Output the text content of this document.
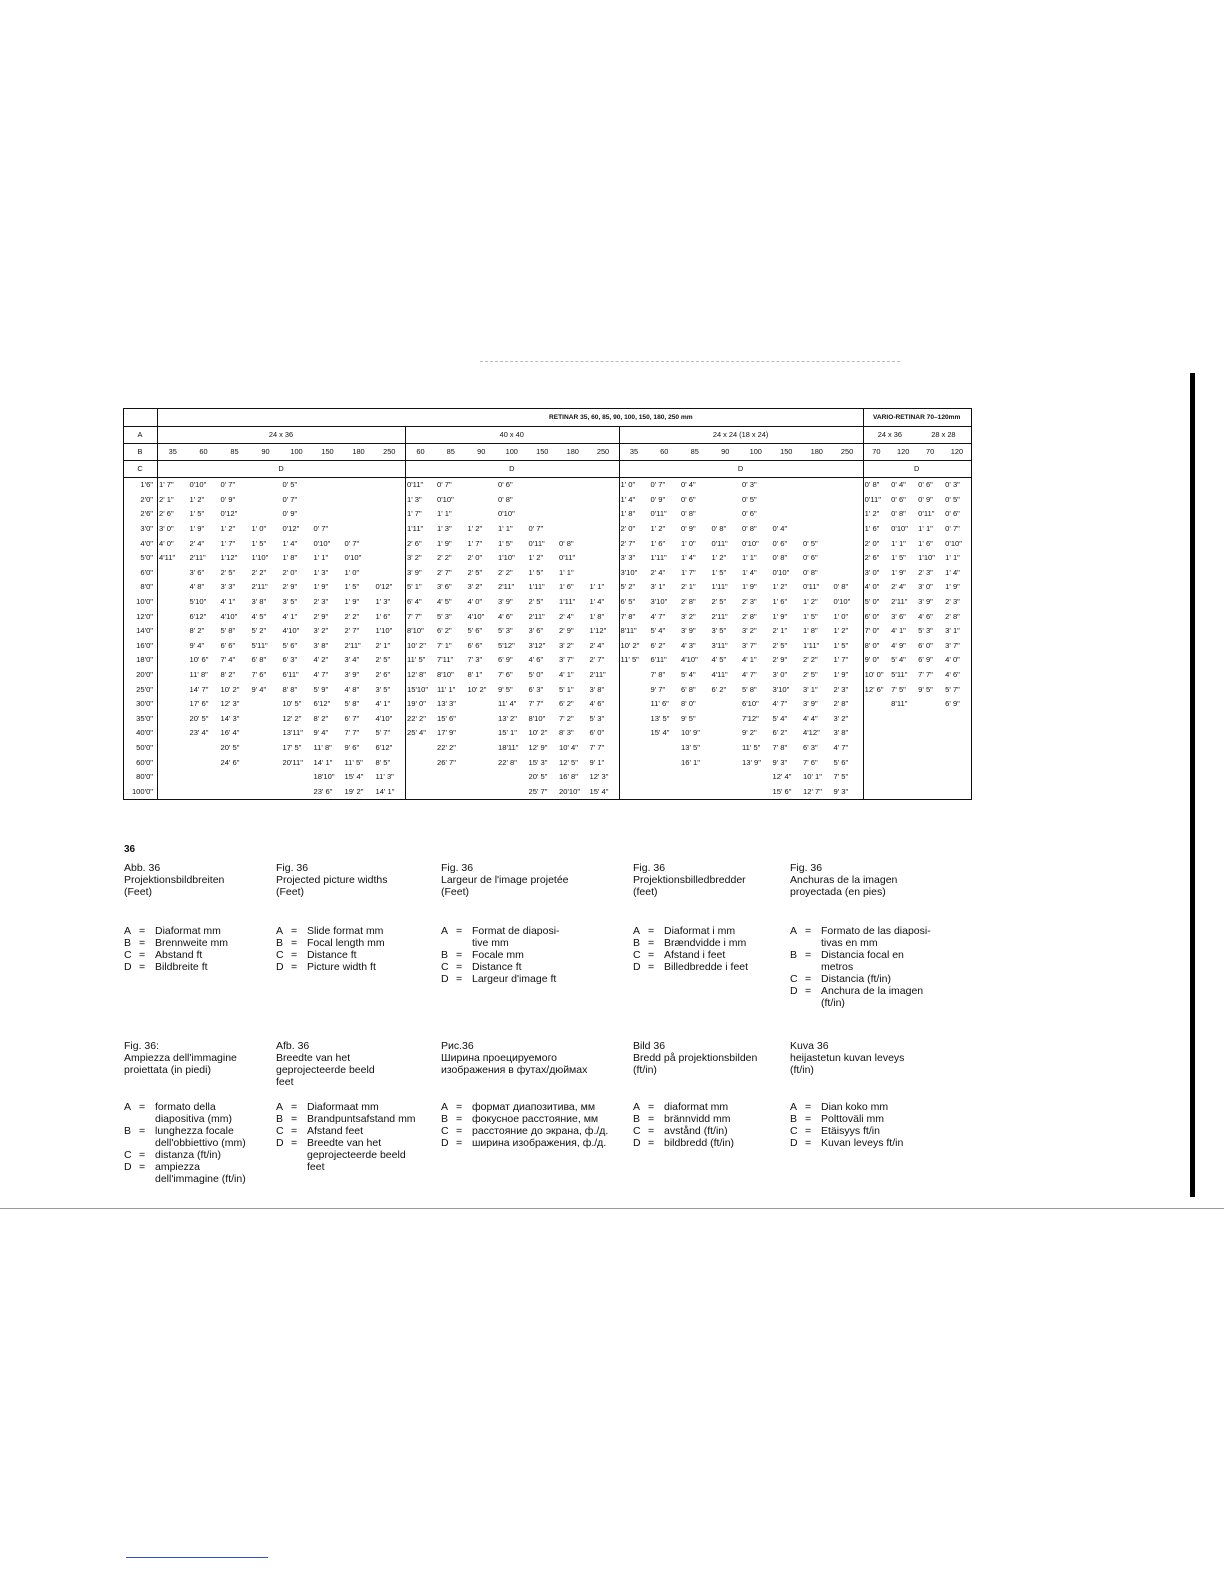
	RETINAR 35, 60, 85, 90, 100, 150, 180, 250 mm																							VARIO-RETINAR 70–120mm			
A	24 x 36								40 x 40							24 x 24 (18 x 24)								24 x 36		28 x 28	
B	35	60	85	90	100	150	180	250	60	85	90	100	150	180	250	35	60	85	90	100	150	180	250	70	120	70	120
C	D								D							D								D			
1'6"	1' 7"	0'10"	0' 7"		0' 5"				0'11"	0' 7"		0' 6"				1' 0"	0' 7"	0' 4"		0' 3"				0' 8"	0' 4"	0' 6"	0' 3"
2'0"	2' 1"	1' 2"	0' 9"		0' 7"				1' 3"	0'10"		0' 8"				1' 4"	0' 9"	0' 6"		0' 5"				0'11"	0' 6"	0' 9"	0' 5"
2'6"	2' 6"	1' 5"	0'12"		0' 9"				1' 7"	1' 1"		0'10"				1' 8"	0'11"	0' 8"		0' 6"				1' 2"	0' 8"	0'11"	0' 6"
3'0"	3' 0"	1' 9"	1' 2"	1' 0"	0'12"	0' 7"			1'11"	1' 3"	1' 2"	1' 1"	0' 7"			2' 0"	1' 2"	0' 9"	0' 8"	0' 8"	0' 4"			1' 6"	0'10"	1' 1"	0' 7"
4'0"	4' 0"	2' 4"	1' 7"	1' 5"	1' 4"	0'10"	0' 7"		2' 6"	1' 9"	1' 7"	1' 5"	0'11"	0' 8"		2' 7"	1' 6"	1' 0"	0'11"	0'10"	0' 6"	0' 5"		2' 0"	1' 1"	1' 6"	0'10"
5'0"	4'11"	2'11"	1'12"	1'10"	1' 8"	1' 1"	0'10"		3' 2"	2' 2"	2' 0"	1'10"	1' 2"	0'11"		3' 3"	1'11"	1' 4"	1' 2"	1' 1"	0' 8"	0' 6"		2' 6"	1' 5"	1'10"	1' 1"
6'0"		3' 6"	2' 5"	2' 2"	2' 0"	1' 3"	1' 0"		3' 9"	2' 7"	2' 5"	2' 2"	1' 5"	1' 1"		3'10"	2' 4"	1' 7"	1' 5"	1' 4"	0'10"	0' 8"		3' 0"	1' 9"	2' 3"	1' 4"
8'0"		4' 8"	3' 3"	2'11"	2' 9"	1' 9"	1' 5"	0'12"	5' 1"	3' 6"	3' 2"	2'11"	1'11"	1' 6"	1' 1"	5' 2"	3' 1"	2' 1"	1'11"	1' 9"	1' 2"	0'11"	0' 8"	4' 0"	2' 4"	3' 0"	1' 9"
10'0"		5'10"	4' 1"	3' 8"	3' 5"	2' 3"	1' 9"	1' 3"	6' 4"	4' 5"	4' 0"	3' 9"	2' 5"	1'11"	1' 4"	6' 5"	3'10"	2' 8"	2' 5"	2' 3"	1' 6"	1' 2"	0'10"	5' 0"	2'11"	3' 9"	2' 3"
12'0"		6'12"	4'10"	4' 5"	4' 1"	2' 9"	2' 2"	1' 6"	7' 7"	5' 3"	4'10"	4' 6"	2'11"	2' 4"	1' 8"	7' 8"	4' 7"	3' 2"	2'11"	2' 8"	1' 9"	1' 5"	1' 0"	6' 0"	3' 6"	4' 6"	2' 8"
14'0"		8' 2"	5' 8"	5' 2"	4'10"	3' 2"	2' 7"	1'10"	8'10"	6' 2"	5' 6"	5' 3"	3' 6"	2' 9"	1'12"	8'11"	5' 4"	3' 9"	3' 5"	3' 2"	2' 1"	1' 8"	1' 2"	7' 0"	4' 1"	5' 3"	3' 1"
16'0"		9' 4"	6' 6"	5'11"	5' 6"	3' 8"	2'11"	2' 1"	10' 2"	7' 1"	6' 6"	5'12"	3'12"	3' 2"	2' 4"	10' 2"	6' 2"	4' 3"	3'11"	3' 7"	2' 5"	1'11"	1' 5"	8' 0"	4' 9"	6' 0"	3' 7"
18'0"		10' 6"	7' 4"	6' 8"	6' 3"	4' 2"	3' 4"	2' 5"	11' 5"	7'11"	7' 3"	6' 9"	4' 6"	3' 7"	2' 7"	11' 5"	6'11"	4'10"	4' 5"	4' 1"	2' 9"	2' 2"	1' 7"	9' 0"	5' 4"	6' 9"	4' 0"
20'0"		11' 8"	8' 2"	7' 6"	6'11"	4' 7"	3' 9"	2' 6"	12' 8"	8'10"	8' 1"	7' 6"	5' 0"	4' 1"	2'11"		7' 8"	5' 4"	4'11"	4' 7"	3' 0"	2' 5"	1' 9"	10' 0"	5'11"	7' 7"	4' 6"
25'0"		14' 7"	10' 2"	9' 4"	8' 8"	5' 9"	4' 8"	3' 5"	15'10"	11' 1"	10' 2"	9' 5"	6' 3"	5' 1"	3' 8"		9' 7"	6' 8"	6' 2"	5' 8"	3'10"	3' 1"	2' 3"	12' 6"	7' 5"	9' 5"	5' 7"
30'0"		17' 6"	12' 3"		10' 5"	6'12"	5' 8"	4' 1"	19' 0"	13' 3"		11' 4"	7' 7"	6' 2"	4' 6"		11' 6"	8' 0"		6'10"	4' 7"	3' 9"	2' 8"		8'11"		6' 9"
35'0"		20' 5"	14' 3"		12' 2"	8' 2"	6' 7"	4'10"	22' 2"	15' 6"		13' 2"	8'10"	7' 2"	5' 3"		13' 5"	9' 5"		7'12"	5' 4"	4' 4"	3' 2"				
40'0"		23' 4"	16' 4"		13'11"	9' 4"	7' 7"	5' 7"	25' 4"	17' 9"		15' 1"	10' 2"	8' 3"	6' 0"		15' 4"	10' 9"		9' 2"	6' 2"	4'12"	3' 8"				
50'0"			20' 5"		17' 5"	11' 8"	9' 6"	6'12"		22' 2"		18'11"	12' 9"	10' 4"	7' 7"			13' 5"		11' 5"	7' 8"	6' 3"	4' 7"				
60'0"			24' 6"		20'11"	14' 1"	11' 5"	8' 5"		26' 7"		22' 8"	15' 3"	12' 5"	9' 1"			16' 1"		13' 9"	9' 3"	7' 6"	5' 6"				
80'0"						18'10"	15' 4"	11' 3"					20' 5"	16' 8"	12' 3"						12' 4"	10' 1"	7' 5"				
100'0"						23' 6"	19' 2"	14' 1"					25' 7"	20'10"	15' 4"						15' 6"	12' 7"	9' 3"				
36
Abb. 36
Projektionsbildbreiten
(Feet)
A = Diaformat mm
B = Brennweite mm
C = Abstand ft
D = Bildbreite ft
Fig. 36
Projected picture widths
(Feet)
A = Slide format mm
B = Focal length mm
C = Distance ft
D = Picture width ft
Fig. 36
Largeur de l'image projetée
(Feet)
A = Format de diaposi-
tive mm
B = Focale mm
C = Distance ft
D = Largeur d'image ft
Fig. 36
Projektionsbilledbredder
(feet)
A = Diaformat i mm
B = Brændvidde i mm
C = Afstand i feet
D = Billedbredde i feet
Fig. 36
Anchuras de la imagen
proyectada (en pies)
A = Formato de las diaposi-
tivas en mm
B = Distancia focal en
metros
C = Distancia (ft/in)
D = Anchura de la imagen
(ft/in)
Fig. 36:
Ampiezza dell'immagine
proiettata (in piedi)
A = formato della
diapositiva (mm)
B = lunghezza focale
dell'obbiettivo (mm)
C = distanza (ft/in)
D = ampiezza
dell'immagine (ft/in)
Afb. 36
Breedte van het
geprojecteerde beeld
feet
A = Diaformaat mm
B = Brandpuntsafstand mm
C = Afstand feet
D = Breedte van het
geprojecteerde beeld
feet
Рис.36
Ширина проецируемого
изображения в футах/дюймах
A = формат диапозитива, мм
B = фокусное расстояние, мм
C = расстояние до экрана, ф./д.
D = ширина изображения, ф./д.
Bild 36
Bredd på projektionsbilden
(ft/in)
A = diaformat mm
B = brännvidd mm
C = avstånd (ft/in)
D = bildbredd (ft/in)
Kuva 36
heijastetun kuvan leveys
(ft/in)
A = Dian koko mm
B = Polttoväli mm
C = Etäisyys ft/in
D = Kuvan leveys ft/in
